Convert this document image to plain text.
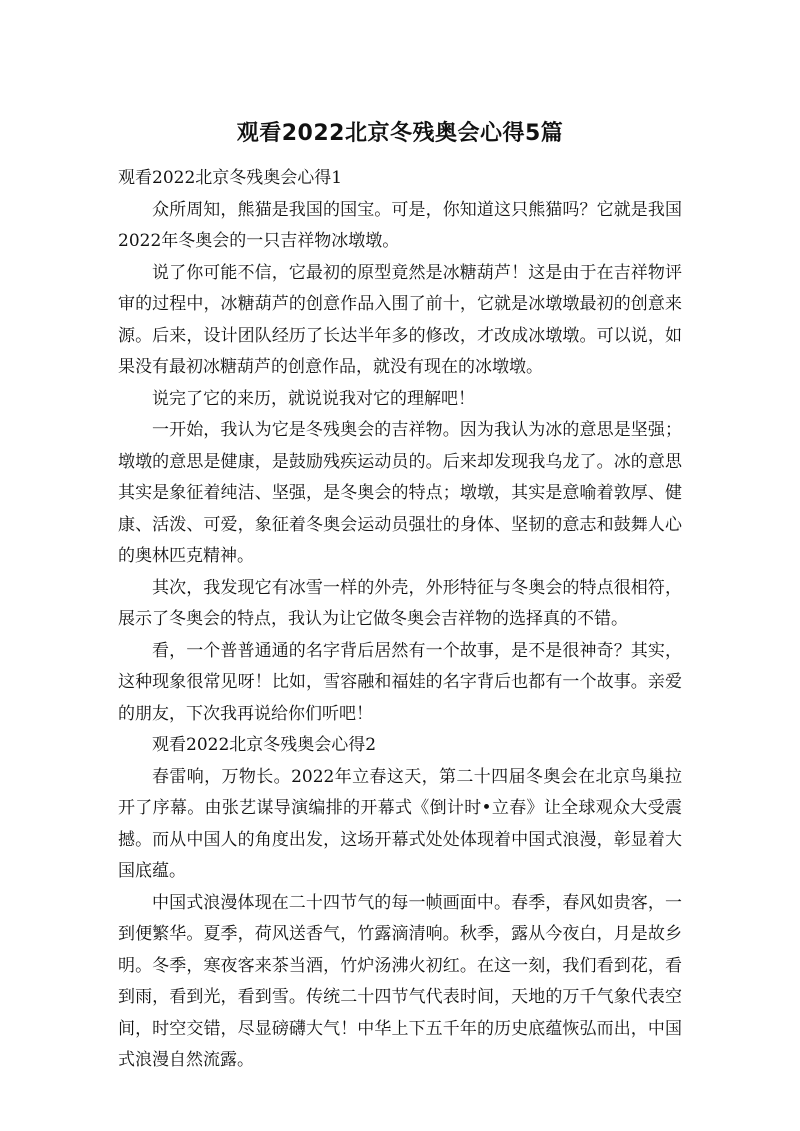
观看2022北京冬残奥会心得5篇

观看2022北京冬残奥会心得1

众所周知，熊猫是我国的国宝。可是，你知道这只熊猫吗？它就是我国2022年冬奥会的一只吉祥物冰墩墩。

说了你可能不信，它最初的原型竟然是冰糖葫芦！这是由于在吉祥物评审的过程中，冰糖葫芦的创意作品入围了前十，它就是冰墩墩最初的创意来源。后来，设计团队经历了长达半年多的修改，才改成冰墩墩。可以说，如果没有最初冰糖葫芦的创意作品，就没有现在的冰墩墩。

说完了它的来历，就说说我对它的理解吧！

一开始，我认为它是冬残奥会的吉祥物。因为我认为冰的意思是坚强；墩墩的意思是健康，是鼓励残疾运动员的。后来却发现我乌龙了。冰的意思其实是象征着纯洁、坚强，是冬奥会的特点；墩墩，其实是意喻着敦厚、健康、活泼、可爱，象征着冬奥会运动员强壮的身体、坚韧的意志和鼓舞人心的奥林匹克精神。

其次，我发现它有冰雪一样的外壳，外形特征与冬奥会的特点很相符，展示了冬奥会的特点，我认为让它做冬奥会吉祥物的选择真的不错。

看，一个普普通通的名字背后居然有一个故事，是不是很神奇？其实，这种现象很常见呀！比如，雪容融和福娃的名字背后也都有一个故事。亲爱的朋友，下次我再说给你们听吧！

观看2022北京冬残奥会心得2

春雷响，万物长。2022年立春这天，第二十四届冬奥会在北京鸟巢拉开了序幕。由张艺谋导演编排的开幕式《倒计时•立春》让全球观众大受震撼。而从中国人的角度出发，这场开幕式处处体现着中国式浪漫，彰显着大国底蕴。

中国式浪漫体现在二十四节气的每一帧画面中。春季，春风如贵客，一到便繁华。夏季，荷风送香气，竹露滴清响。秋季，露从今夜白，月是故乡明。冬季，寒夜客来茶当酒，竹炉汤沸火初红。在这一刻，我们看到花，看到雨，看到光，看到雪。传统二十四节气代表时间，天地的万千气象代表空间，时空交错，尽显磅礴大气！中华上下五千年的历史底蕴恢弘而出，中国式浪漫自然流露。
